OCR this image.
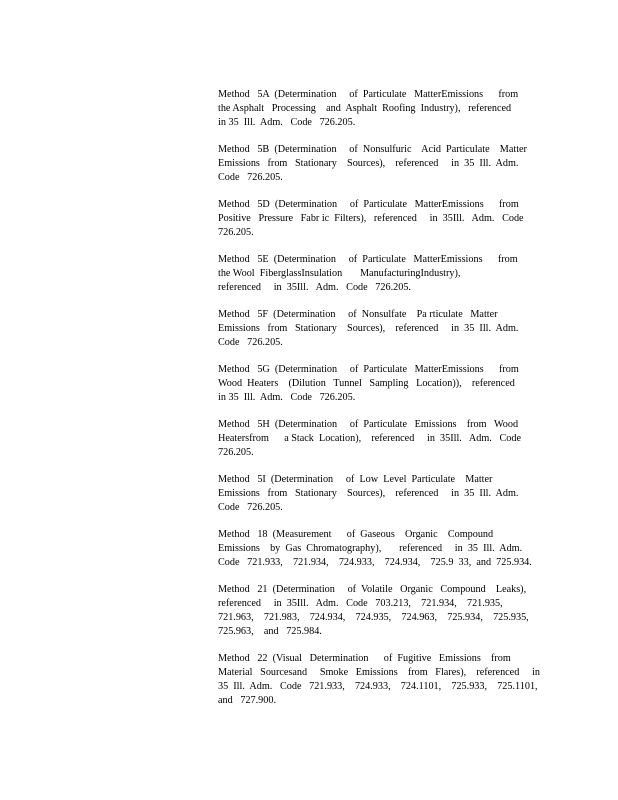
Method   5A  (Determination     of  Particulate   MatterEmissions      from
the Asphalt   Processing    and  Asphalt  Roofing  Industry),   referenced
in 35  Ill.  Adm.   Code   726.205.
Method   5B  (Determination     of  Nonsulfuric    Acid  Particulate    Matter
Emissions   from   Stationary    Sources),    referenced     in  35  Ill.  Adm.
Code   726.205.
Method   5D  (Determination     of  Particulate   MatterEmissions      from
Positive   Pressure   Fabr ic  Filters),   referenced     in  35Ill.   Adm.   Code
726.205.
Method   5E  (Determination     of  Particulate   MatterEmissions      from
the Wool  FiberglassInsulation       ManufacturingIndustry),
referenced     in  35Ill.   Adm.   Code   726.205.
Method   5F  (Determination     of  Nonsulfate    Pa rticulate   Matter
Emissions   from   Stationary    Sources),    referenced     in  35  Ill.  Adm.
Code   726.205.
Method   5G  (Determination     of  Particulate   MatterEmissions      from
Wood  Heaters    (Dilution   Tunnel   Sampling   Location)),    referenced
in 35  Ill.  Adm.   Code   726.205.
Method   5H  (Determination     of  Particulate   Emissions    from   Wood
Heatersfrom      a Stack  Location),    referenced     in  35Ill.   Adm.   Code
726.205.
Method   5I  (Determination     of  Low  Level  Particulate    Matter
Emissions   from   Stationary    Sources),    referenced     in  35  Ill.  Adm.
Code   726.205.
Method   18  (Measurement      of  Gaseous    Organic    Compound
Emissions    by  Gas  Chromatography),       referenced     in  35  Ill.  Adm.
Code   721.933,    721.934,    724.933,    724.934,    725.9  33,  and  725.934.
Method   21  (Determination     of  Volatile   Organic   Compound    Leaks),
referenced     in  35Ill.   Adm.   Code   703.213,    721.934,    721.935,
721.963,    721.983,    724.934,    724.935,    724.963,    725.934,    725.935,
725.963,    and   725.984.
Method   22  (Visual   Determination      of  Fugitive   Emissions    from
Material   Sourcesand     Smoke   Emissions    from   Flares),    referenced     in
35  Ill.  Adm.   Code   721.933,    724.933,    724.1101,    725.933,    725.1101,
and   727.900.
